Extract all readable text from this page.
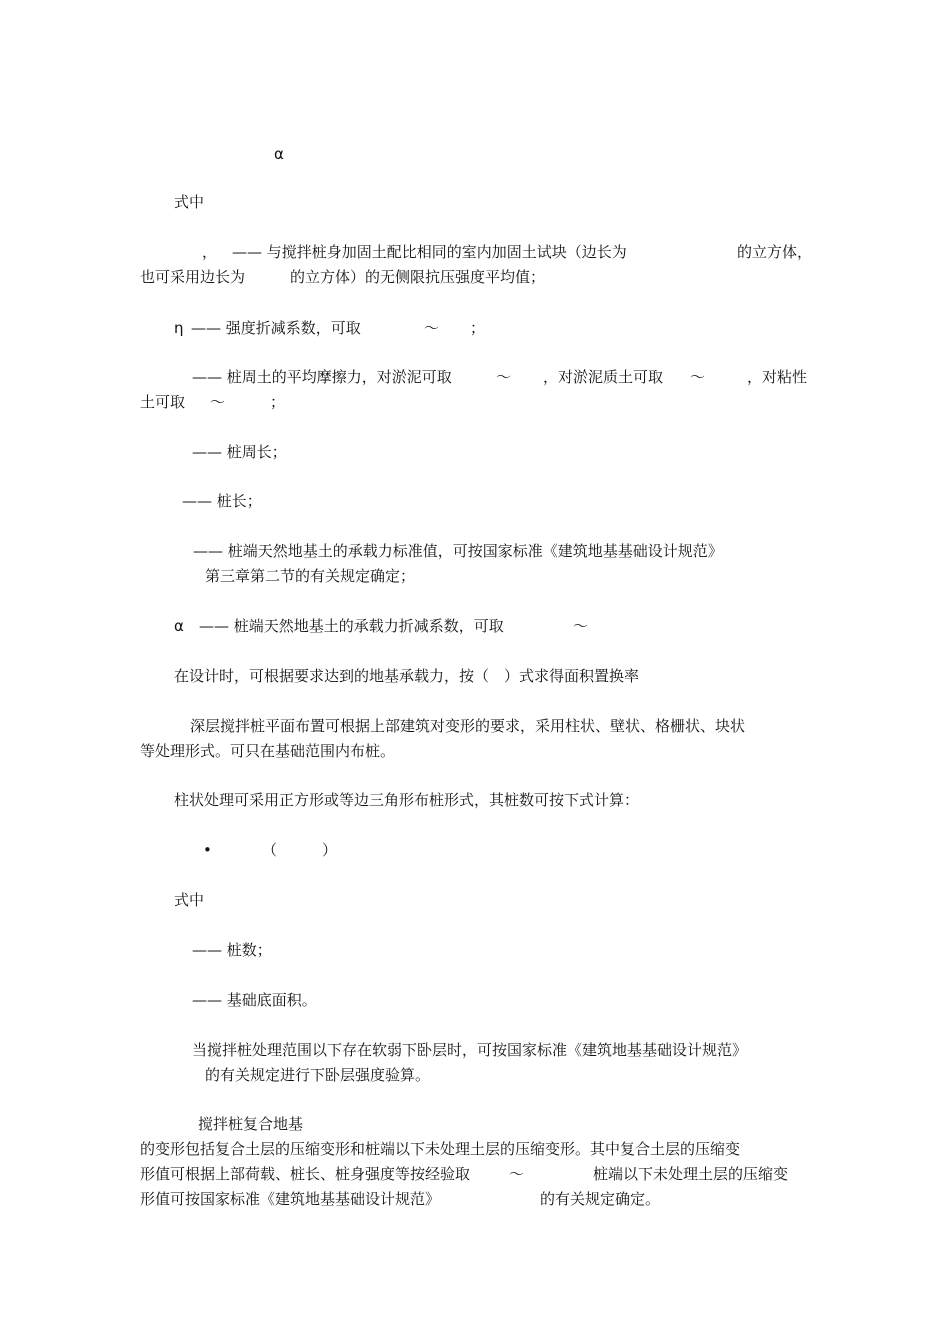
α
式中
， —— 与搅拌桩身加固土配比相同的室内加固土试块（边长为	的立方体，
也可采用边长为　　　的立方体）的无侧限抗压强度平均值；
η —— 强度折减系数，可取	～ ；
—— 桩周土的平均摩擦力，对淤泥可取	～ ，对淤泥质土可取 ～	，对粘性
土可取 ～	；
—— 桩周长；
—— 桩长；
—— 桩端天然地基土的承载力标准值，可按国家标准《建筑地基基础设计规范》
第三章第二节的有关规定确定；
α —— 桩端天然地基土的承载力折减系数，可取	～
在设计时，可根据要求达到的地基承载力，按（　）式求得面积置换率
深层搅拌桩平面布置可根据上部建筑对变形的要求，采用柱状、壁状、格栅状、块状
等处理形式。可只在基础范围内布桩。
柱状处理可采用正方形或等边三角形布桩形式，其桩数可按下式计算：
•	（　　　）
式中
—— 桩数；
—— 基础底面积。
当搅拌桩处理范围以下存在软弱下卧层时，可按国家标准《建筑地基基础设计规范》
的有关规定进行下卧层强度验算。
搅拌桩复合地基
的变形包括复合土层的压缩变形和桩端以下未处理土层的压缩变形。其中复合土层的压缩变
形值可根据上部荷载、桩长、桩身强度等按经验取	～	桩端以下未处理土层的压缩变
形值可按国家标准《建筑地基基础设计规范》	的有关规定确定。
